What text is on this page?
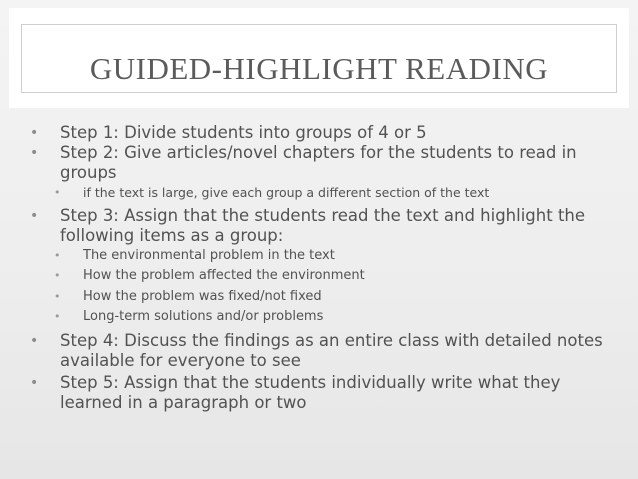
GUIDED-HIGHLIGHT READING
• Step 1: Divide students into groups of 4 or 5
• Step 2: Give articles/novel chapters for the students to read in groups
• if the text is large, give each group a different section of the text
• Step 3: Assign that the students read the text and highlight the following items as a group:
• The environmental problem in the text
• How the problem affected the environment
• How the problem was fixed/not fixed
• Long-term solutions and/or problems
• Step 4: Discuss the findings as an entire class with detailed notes available for everyone to see
• Step 5: Assign that the students individually write what they learned in a paragraph or two
